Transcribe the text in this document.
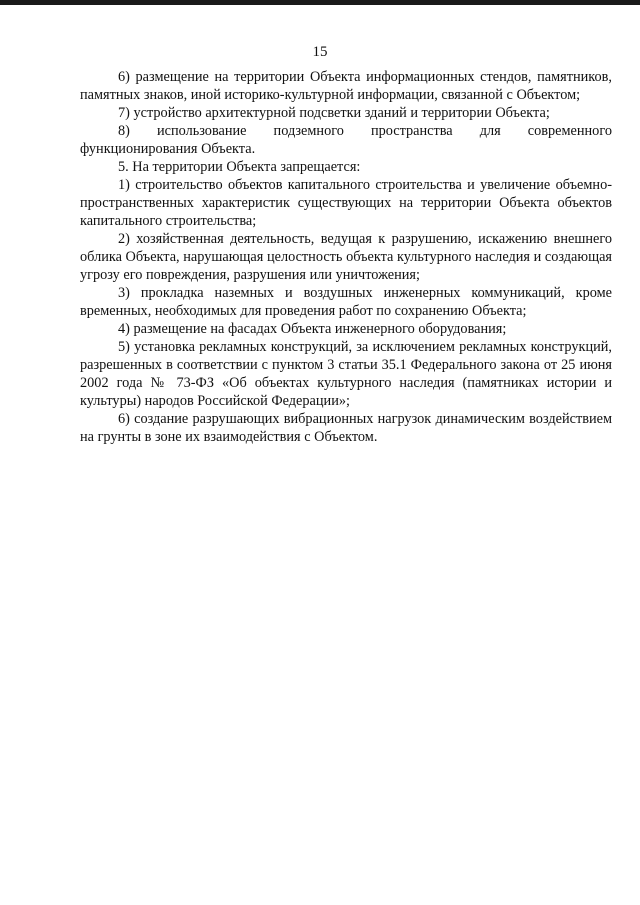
15

6) размещение на территории Объекта информационных стендов, памятников, памятных знаков, иной историко-культурной информации, связанной с Объектом;

7) устройство архитектурной подсветки зданий и территории Объекта;

8) использование подземного пространства для современного функционирования Объекта.

5. На территории Объекта запрещается:

1) строительство объектов капитального строительства и увеличение объемно-пространственных характеристик существующих на территории Объекта объектов капитального строительства;

2) хозяйственная деятельность, ведущая к разрушению, искажению внешнего облика Объекта, нарушающая целостность объекта культурного наследия и создающая угрозу его повреждения, разрушения или уничтожения;

3) прокладка наземных и воздушных инженерных коммуникаций, кроме временных, необходимых для проведения работ по сохранению Объекта;

4) размещение на фасадах Объекта инженерного оборудования;

5) установка рекламных конструкций, за исключением рекламных конструкций, разрешенных в соответствии с пунктом 3 статьи 35.1 Федерального закона от 25 июня 2002 года № 73-ФЗ «Об объектах культурного наследия (памятниках истории и культуры) народов Российской Федерации»;

6) создание разрушающих вибрационных нагрузок динамическим воздействием на грунты в зоне их взаимодействия с Объектом.
